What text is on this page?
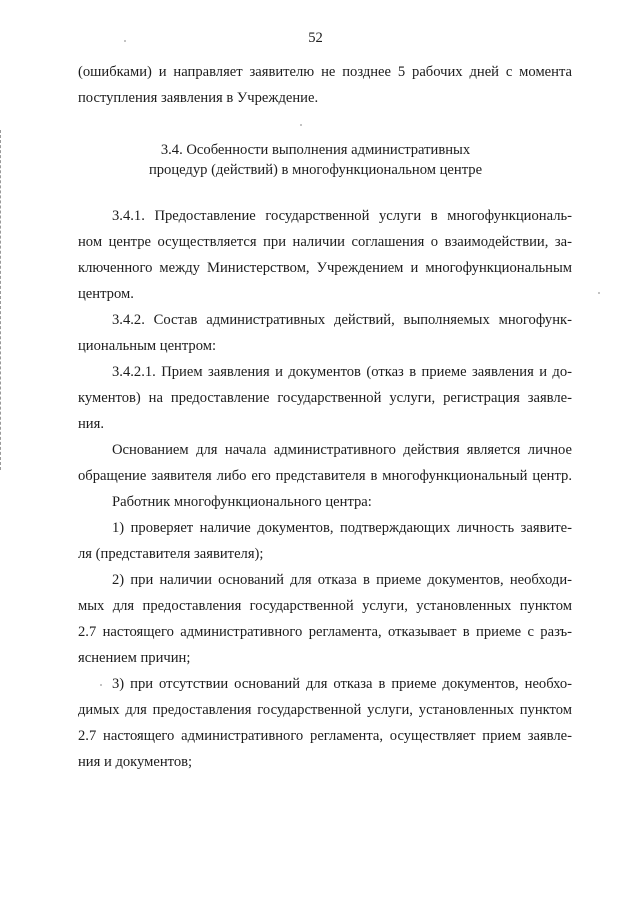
52
(ошибками) и направляет заявителю не позднее 5 рабочих дней с момента
поступления заявления в Учреждение.
3.4. Особенности выполнения административных
процедур (действий) в многофункциональном центре
3.4.1. Предоставление государственной услуги в многофункциональ-
ном центре осуществляется при наличии соглашения о взаимодействии, за-
ключенного между Министерством, Учреждением и многофункциональным
центром.
3.4.2. Состав административных действий, выполняемых многофунк-
циональным центром:
3.4.2.1. Прием заявления и документов (отказ в приеме заявления и до-
кументов) на предоставление государственной услуги, регистрация заявле-
ния.
Основанием для начала административного действия является личное
обращение заявителя либо его представителя в многофункциональный центр.
Работник многофункционального центра:
1) проверяет наличие документов, подтверждающих личность заявите-
ля (представителя заявителя);
2) при наличии оснований для отказа в приеме документов, необходи-
мых для предоставления государственной услуги, установленных пунктом
2.7 настоящего административного регламента, отказывает в приеме с разъ-
яснением причин;
3) при отсутствии оснований для отказа в приеме документов, необхо-
димых для предоставления государственной услуги, установленных пунктом
2.7 настоящего административного регламента, осуществляет прием заявле-
ния и документов;
